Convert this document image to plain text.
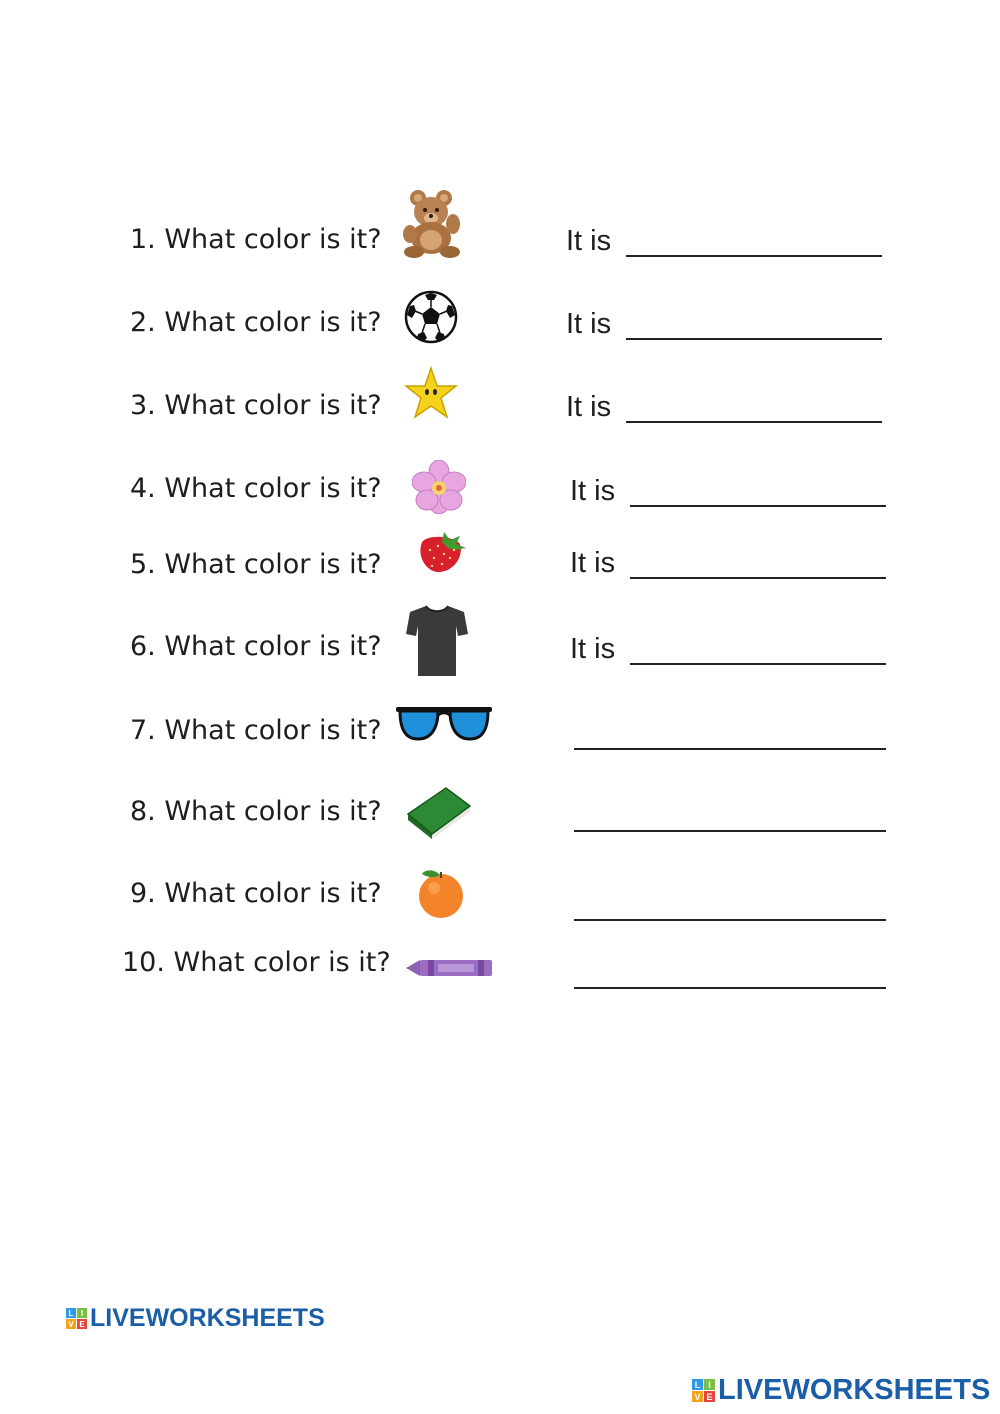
1. What color is it?
2. What color is it?
3. What color is it?
4. What color is it?
5. What color is it?
6. What color is it?
7. What color is it?
8. What color is it?
9. What color is it?
10. What color is it?
It is
It is
It is
It is
It is
It is
L I
V E LIVEWORKSHEETS
L I
V E LIVEWORKSHEETS
